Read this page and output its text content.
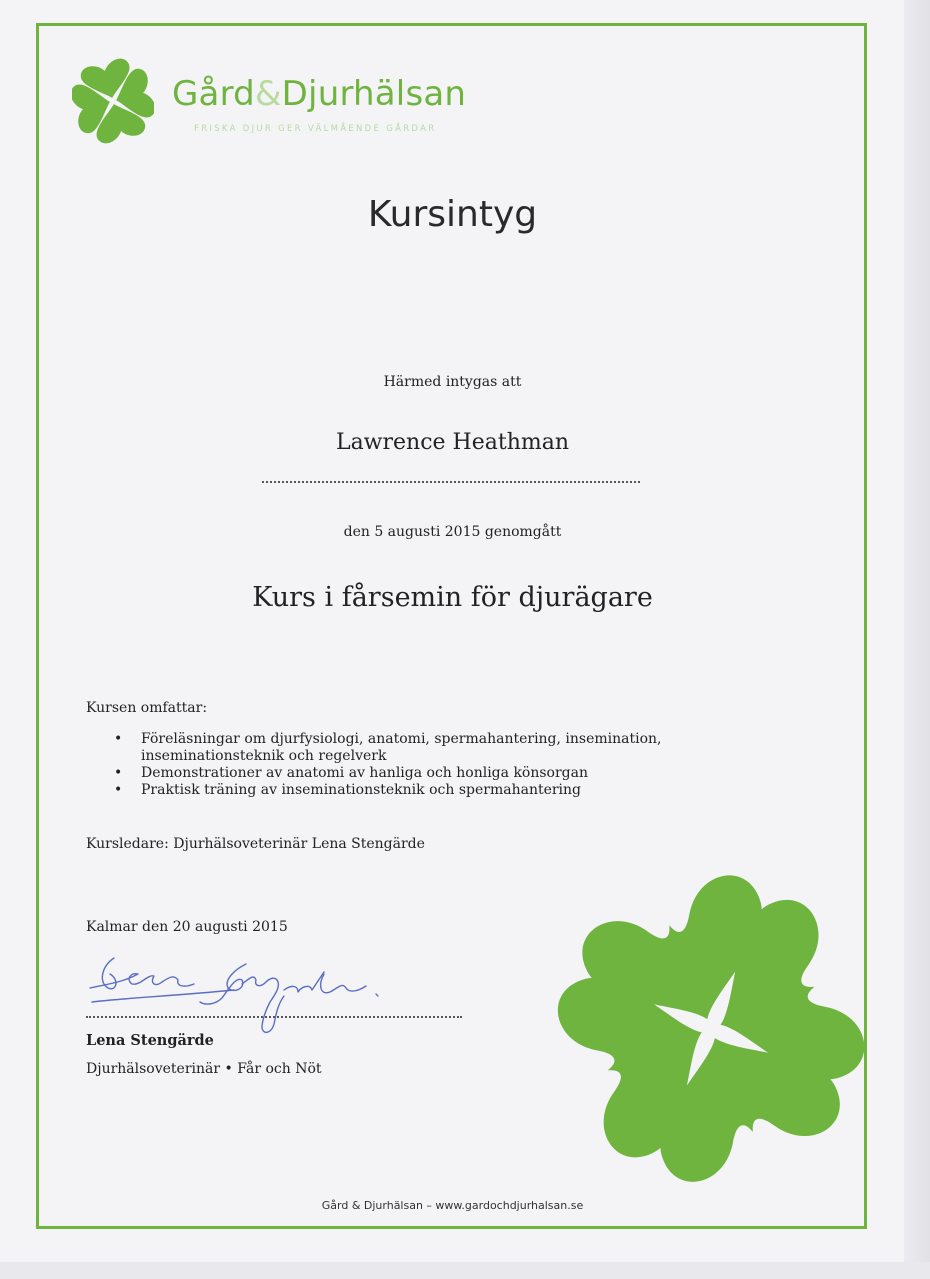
Gård&Djurhälsan
FRISKA DJUR GER VÄLMÅENDE GÅRDAR
Kursintyg
Härmed intygas att
Lawrence Heathman
den 5 augusti 2015 genomgått
Kurs i fårsemin för djurägare
Kursen omfattar:
• Föreläsningar om djurfysiologi, anatomi, spermahantering, insemination,
inseminationsteknik och regelverk
• Demonstrationer av anatomi av hanliga och honliga könsorgan
• Praktisk träning av inseminationsteknik och spermahantering
Kursledare: Djurhälsoveterinär Lena Stengärde
Kalmar den 20 augusti 2015
Lena Stengärde
Djurhälsoveterinär • Får och Nöt
Gård & Djurhälsan – www.gardochdjurhalsan.se
